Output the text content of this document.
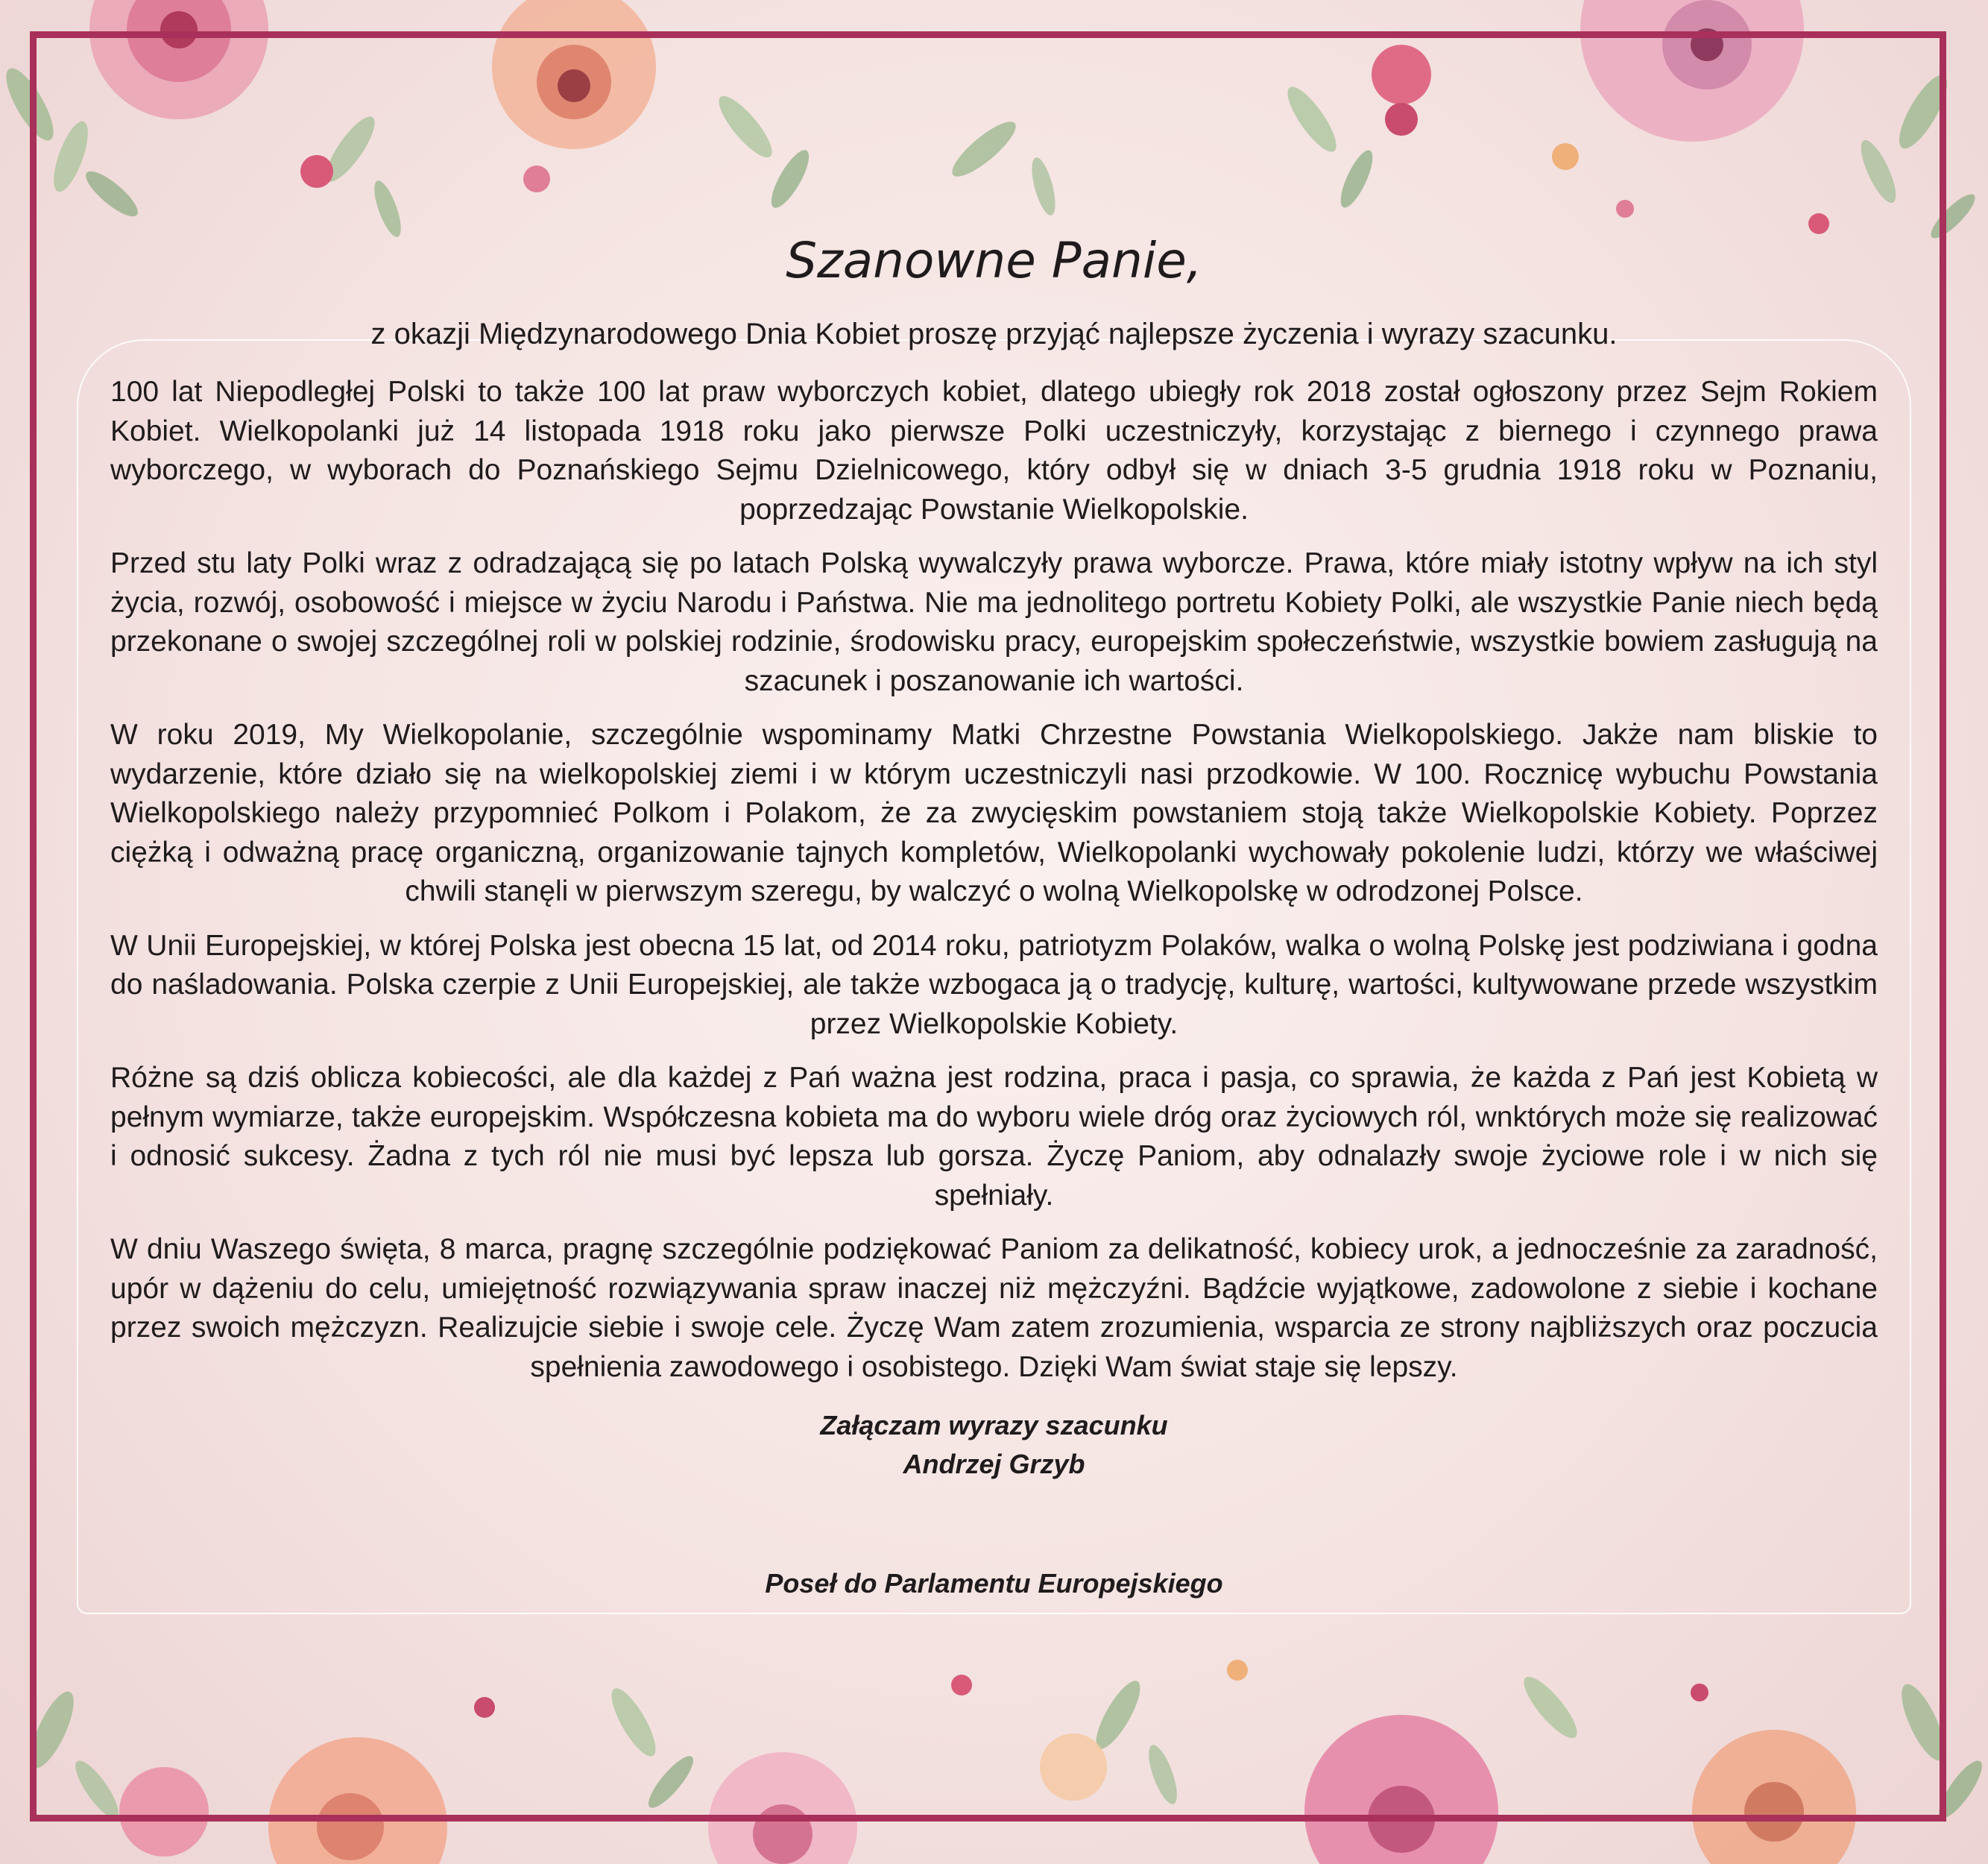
Szanowne Panie,

z okazji Międzynarodowego Dnia Kobiet proszę przyjąć najlepsze życzenia i wyrazy szacunku.

100 lat Niepodległej Polski to także 100 lat praw wyborczych kobiet, dlatego ubiegły rok 2018 został ogłoszony przez Sejm Rokiem Kobiet. Wielkopolanki już 14 listopada 1918 roku jako pierwsze Polki uczestniczyły, korzystając z biernego i czynnego prawa wyborczego, w wyborach do Poznańskiego Sejmu Dzielnicowego, który odbył się w dniach 3-5 grudnia 1918 roku w Poznaniu, poprzedzając Powstanie Wielkopolskie.

Przed stu laty Polki wraz z odradzającą się po latach Polską wywalczyły prawa wyborcze. Prawa, które miały istotny wpływ na ich styl życia, rozwój, osobowość i miejsce w życiu Narodu i Państwa. Nie ma jednolitego portretu Kobiety Polki, ale wszystkie Panie niech będą przekonane o swojej szczególnej roli w polskiej rodzinie, środowisku pracy, europejskim społeczeństwie, wszystkie bowiem zasługują na szacunek i poszanowanie ich wartości.

W roku 2019, My Wielkopolanie, szczególnie wspominamy Matki Chrzestne Powstania Wielkopolskiego. Jakże nam bliskie to wydarzenie, które działo się na wielkopolskiej ziemi i w którym uczestniczyli nasi przodkowie. W 100. Rocznicę wybuchu Powstania Wielkopolskiego należy przypomnieć Polkom i Polakom, że za zwycięskim powstaniem stoją także Wielkopolskie Kobiety. Poprzez ciężką i odważną pracę organiczną, organizowanie tajnych kompletów, Wielkopolanki wychowały pokolenie ludzi, którzy we właściwej chwili stanęli w pierwszym szeregu, by walczyć o wolną Wielkopolskę w odrodzonej Polsce.

W Unii Europejskiej, w której Polska jest obecna 15 lat, od 2014 roku, patriotyzm Polaków, walka o wolną Polskę jest podziwiana i godna do naśladowania. Polska czerpie z Unii Europejskiej, ale także wzbogaca ją o tradycję, kulturę, wartości, kultywowane przede wszystkim przez Wielkopolskie Kobiety.

Różne są dziś oblicza kobiecości, ale dla każdej z Pań ważna jest rodzina, praca i pasja, co sprawia, że każda z Pań jest Kobietą w pełnym wymiarze, także europejskim. Współczesna kobieta ma do wyboru wiele dróg oraz życiowych ról, wnktórych może się realizować i odnosić sukcesy. Żadna z tych ról nie musi być lepsza lub gorsza. Życzę Paniom, aby odnalazły swoje życiowe role i w nich się spełniały.

W dniu Waszego święta, 8 marca, pragnę szczególnie podziękować Paniom za delikatność, kobiecy urok, a jednocześnie za zaradność, upór w dążeniu do celu, umiejętność rozwiązywania spraw inaczej niż mężczyźni. Bądźcie wyjątkowe, zadowolone z siebie i kochane przez swoich mężczyzn. Realizujcie siebie i swoje cele. Życzę Wam zatem zrozumienia, wsparcia ze strony najbliższych oraz poczucia spełnienia zawodowego i osobistego. Dzięki Wam świat staje się lepszy.

Załączam wyrazy szacunku

Andrzej Grzyb

Poseł do Parlamentu Europejskiego
